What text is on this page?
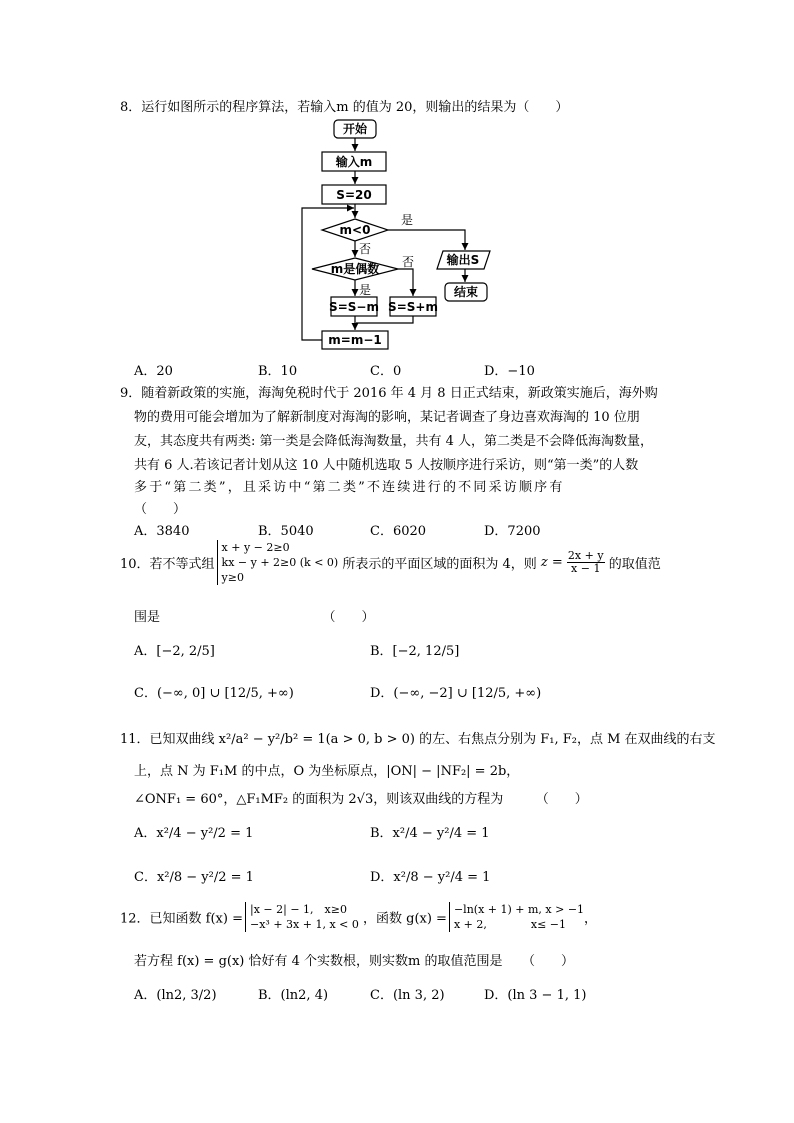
8．运行如图所示的程序算法，若输入m 的值为 20，则输出的结果为（　　）
开始
输入m
S=20
m<0
m是偶数
S=S−m S=S+m
m=m−1
输出S
结束
是
否
否
是
A．20	B．10	C．0	D．−10
9．随着新政策的实施，海淘免税时代于 2016 年 4 月 8 日正式结束，新政策实施后，海外购
物的费用可能会增加为了解新制度对海淘的影响，某记者调查了身边喜欢海淘的 10 位朋
友，其态度共有两类: 第一类是会降低海淘数量，共有 4 人，第二类是不会降低海淘数量，
共有 6 人.若该记者计划从这 10 人中随机选取 5 人按顺序进行采访，则“第一类”的人数
多于“第二类”，且采访中“第二类”不连续进行的不同采访顺序有
（　　）
A．3840	B．5040	C．6020	D．7200
10．若不等式组
x + y − 2≥0
kx − y + 2≥0 (k < 0)
y≥0
所表示的平面区域的面积为 4，则 $z = \frac{2x + y}{x - 1}$ 的取值范
围是　　　　　　　　　　　　　（　　）
A．[−2, 2/5]	B．[−2, 12/5]
C．(−∞, 0] ∪ [12/5, +∞)	D．(−∞, −2] ∪ [12/5, +∞)
11．已知双曲线 x²/a² − y²/b² = 1(a > 0, b > 0) 的左、右焦点分别为 F₁, F₂，点 M 在双曲线的右支
上，点 N 为 F₁M 的中点，O 为坐标原点，|ON| − |NF₂| = 2b，
∠ONF₁ = 60°，△F₁MF₂ 的面积为 2√3，则该双曲线的方程为　　　（　　）
A．x²/4 − y²/2 = 1	B．x²/4 − y²/4 = 1
C．x²/8 − y²/2 = 1	D．x²/8 − y²/4 = 1
12．已知函数 f(x) =
|x − 2| − 1,　x≥0
−x³ + 3x + 1, x < 0 ，函数 g(x) =
−ln(x + 1) + m, x > −1
x + 2,　　　　x≤ −1	，
若方程 f(x) = g(x) 恰好有 4 个实数根，则实数m 的取值范围是　　（　　）
A．(ln2, 3/2)	B．(ln2, 4)	C．(ln 3, 2)	D．(ln 3 − 1, 1)
